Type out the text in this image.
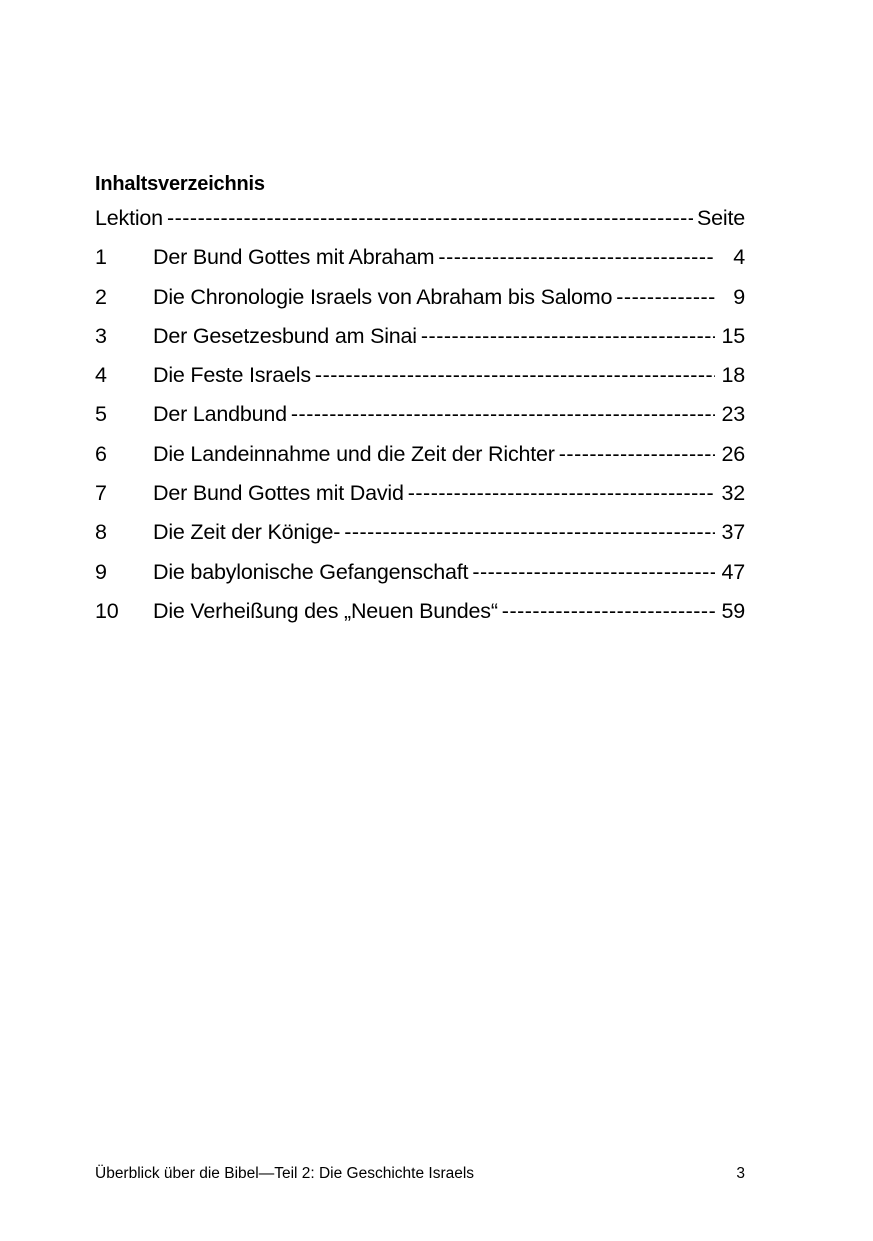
Inhaltsverzeichnis
Lektion -----	Seite
1	Der Bund Gottes mit Abraham -----	4
2	Die Chronologie Israels von Abraham bis Salomo -----	9
3	Der Gesetzesbund am Sinai -----	15
4	Die Feste Israels -----	18
5	Der Landbund -----	23
6	Die Landeinnahme und die Zeit der Richter -----	26
7	Der Bund Gottes mit David -----	32
8	Die Zeit der Könige- -----	37
9	Die babylonische Gefangenschaft -----	47
10	Die Verheißung des „Neuen Bundes“ -----	59
Überblick über die Bibel—Teil 2: Die Geschichte Israels	3
